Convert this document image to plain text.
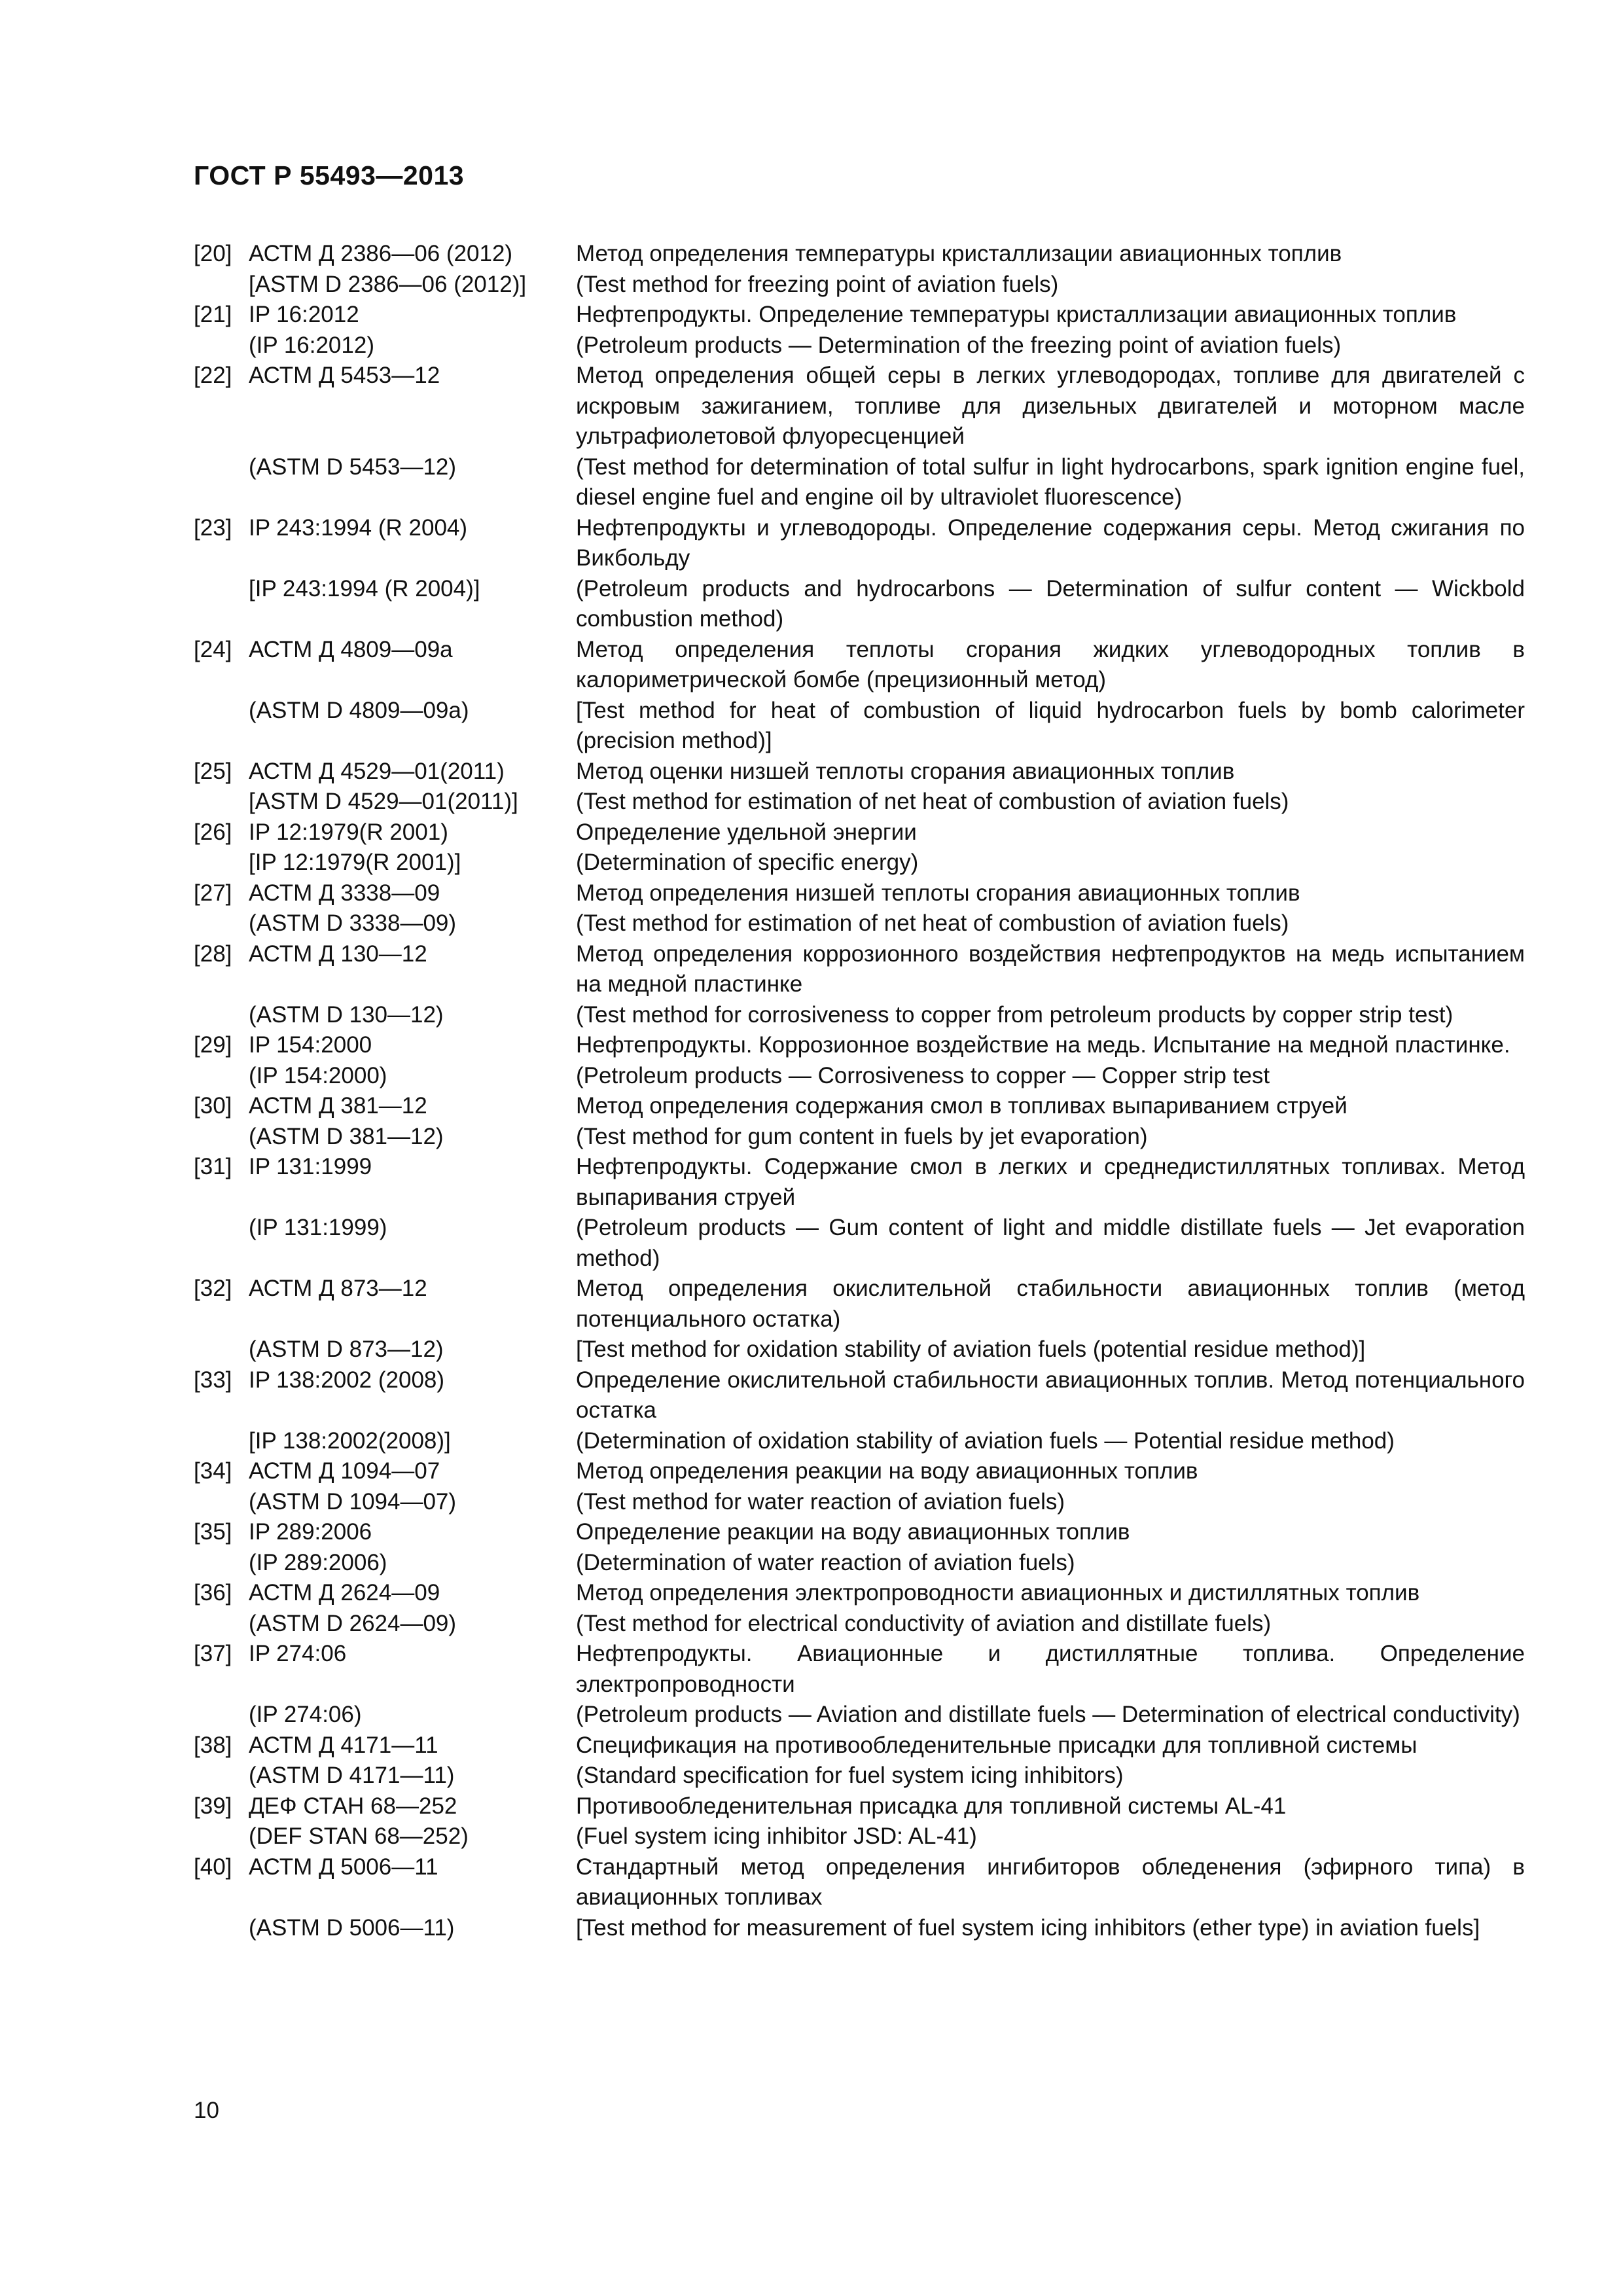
ГОСТ Р 55493—2013
[20] АСТМ Д 2386—06 (2012)	Метод определения температуры кристаллизации авиационных топлив
[ASTM D 2386—06 (2012)]	(Test method for freezing point of aviation fuels)
[21] IP 16:2012	Нефтепродукты. Определение температуры кристаллизации авиационных топлив
(IP 16:2012)	(Petroleum products — Determination of the freezing point of aviation fuels)
[22] АСТМ Д 5453—12	Метод определения общей серы в легких углеводородах, топливе для двигателей с искровым зажиганием, топливе для дизельных двигателей и моторном масле ультрафиолетовой флуоресценцией
(ASTM D 5453—12)	(Test method for determination of total sulfur in light hydrocarbons, spark ignition engine fuel, diesel engine fuel and engine oil by ultraviolet fluorescence)
[23] IP 243:1994 (R 2004)	Нефтепродукты и углеводороды. Определение содержания серы. Метод сжигания по Викбольду
[IP 243:1994 (R 2004)]	(Petroleum products and hydrocarbons — Determination of sulfur content — Wickbold combustion method)
[24] АСТМ Д 4809—09а	Метод определения теплоты сгорания жидких углеводородных топлив в калориметрической бомбе (прецизионный метод)
(ASTM D 4809—09a)	[Test method for heat of combustion of liquid hydrocarbon fuels by bomb calorimeter (precision method)]
[25] АСТМ Д 4529—01(2011)	Метод оценки низшей теплоты сгорания авиационных топлив
[ASTM D 4529—01(2011)]	(Test method for estimation of net heat of combustion of aviation fuels)
[26] IP 12:1979(R 2001)	Определение удельной энергии
[IP 12:1979(R 2001)]	(Determination of specific energy)
[27] АСТМ Д 3338—09	Метод определения низшей теплоты сгорания авиационных топлив
(ASTM D 3338—09)	(Test method for estimation of net heat of combustion of aviation fuels)
[28] АСТМ Д 130—12	Метод определения коррозионного воздействия нефтепродуктов на медь испытанием на медной пластинке
(ASTM D 130—12)	(Test method for corrosiveness to copper from petroleum products by copper strip test)
[29] IP 154:2000	Нефтепродукты. Коррозионное воздействие на медь. Испытание на медной пластинке.
(IP 154:2000)	(Petroleum products — Corrosiveness to copper — Copper strip test
[30] АСТМ Д 381—12	Метод определения содержания смол в топливах выпариванием струей
(ASTM D 381—12)	(Test method for gum content in fuels by jet evaporation)
[31] IP 131:1999	Нефтепродукты. Содержание смол в легких и среднедистиллятных топливах. Метод выпаривания струей
(IP 131:1999)	(Petroleum products — Gum content of light and middle distillate fuels — Jet evaporation method)
[32] АСТМ Д 873—12	Метод определения окислительной стабильности авиационных топлив (метод потенциального остатка)
(ASTM D 873—12)	[Test method for oxidation stability of aviation fuels (potential residue method)]
[33] IP 138:2002 (2008)	Определение окислительной стабильности авиационных топлив. Метод потенциального остатка
[IP 138:2002(2008)]	(Determination of oxidation stability of aviation fuels — Potential residue method)
[34] АСТМ Д 1094—07	Метод определения реакции на воду авиационных топлив
(ASTM D 1094—07)	(Test method for water reaction of aviation fuels)
[35] IP 289:2006	Определение реакции на воду авиационных топлив
(IP 289:2006)	(Determination of water reaction of aviation fuels)
[36] АСТМ Д 2624—09	Метод определения электропроводности авиационных и дистиллятных топлив
(ASTM D 2624—09)	(Test method for electrical conductivity of aviation and distillate fuels)
[37] IP 274:06	Нефтепродукты. Авиационные и дистиллятные топлива. Определение электропроводности
(IP 274:06)	(Petroleum products — Aviation and distillate fuels — Determination of electrical conductivity)
[38] АСТМ Д 4171—11	Спецификация на противообледенительные присадки для топливной системы
(ASTM D 4171—11)	(Standard specification for fuel system icing inhibitors)
[39] ДЕФ СТАН 68—252	Противообледенительная присадка для топливной системы AL-41
(DEF STAN 68—252)	(Fuel system icing inhibitor JSD: AL-41)
[40] АСТМ Д 5006—11	Стандартный метод определения ингибиторов обледенения (эфирного типа) в авиационных топливах
(ASTM D 5006—11)	[Test method for measurement of fuel system icing inhibitors (ether type) in aviation fuels]
10
